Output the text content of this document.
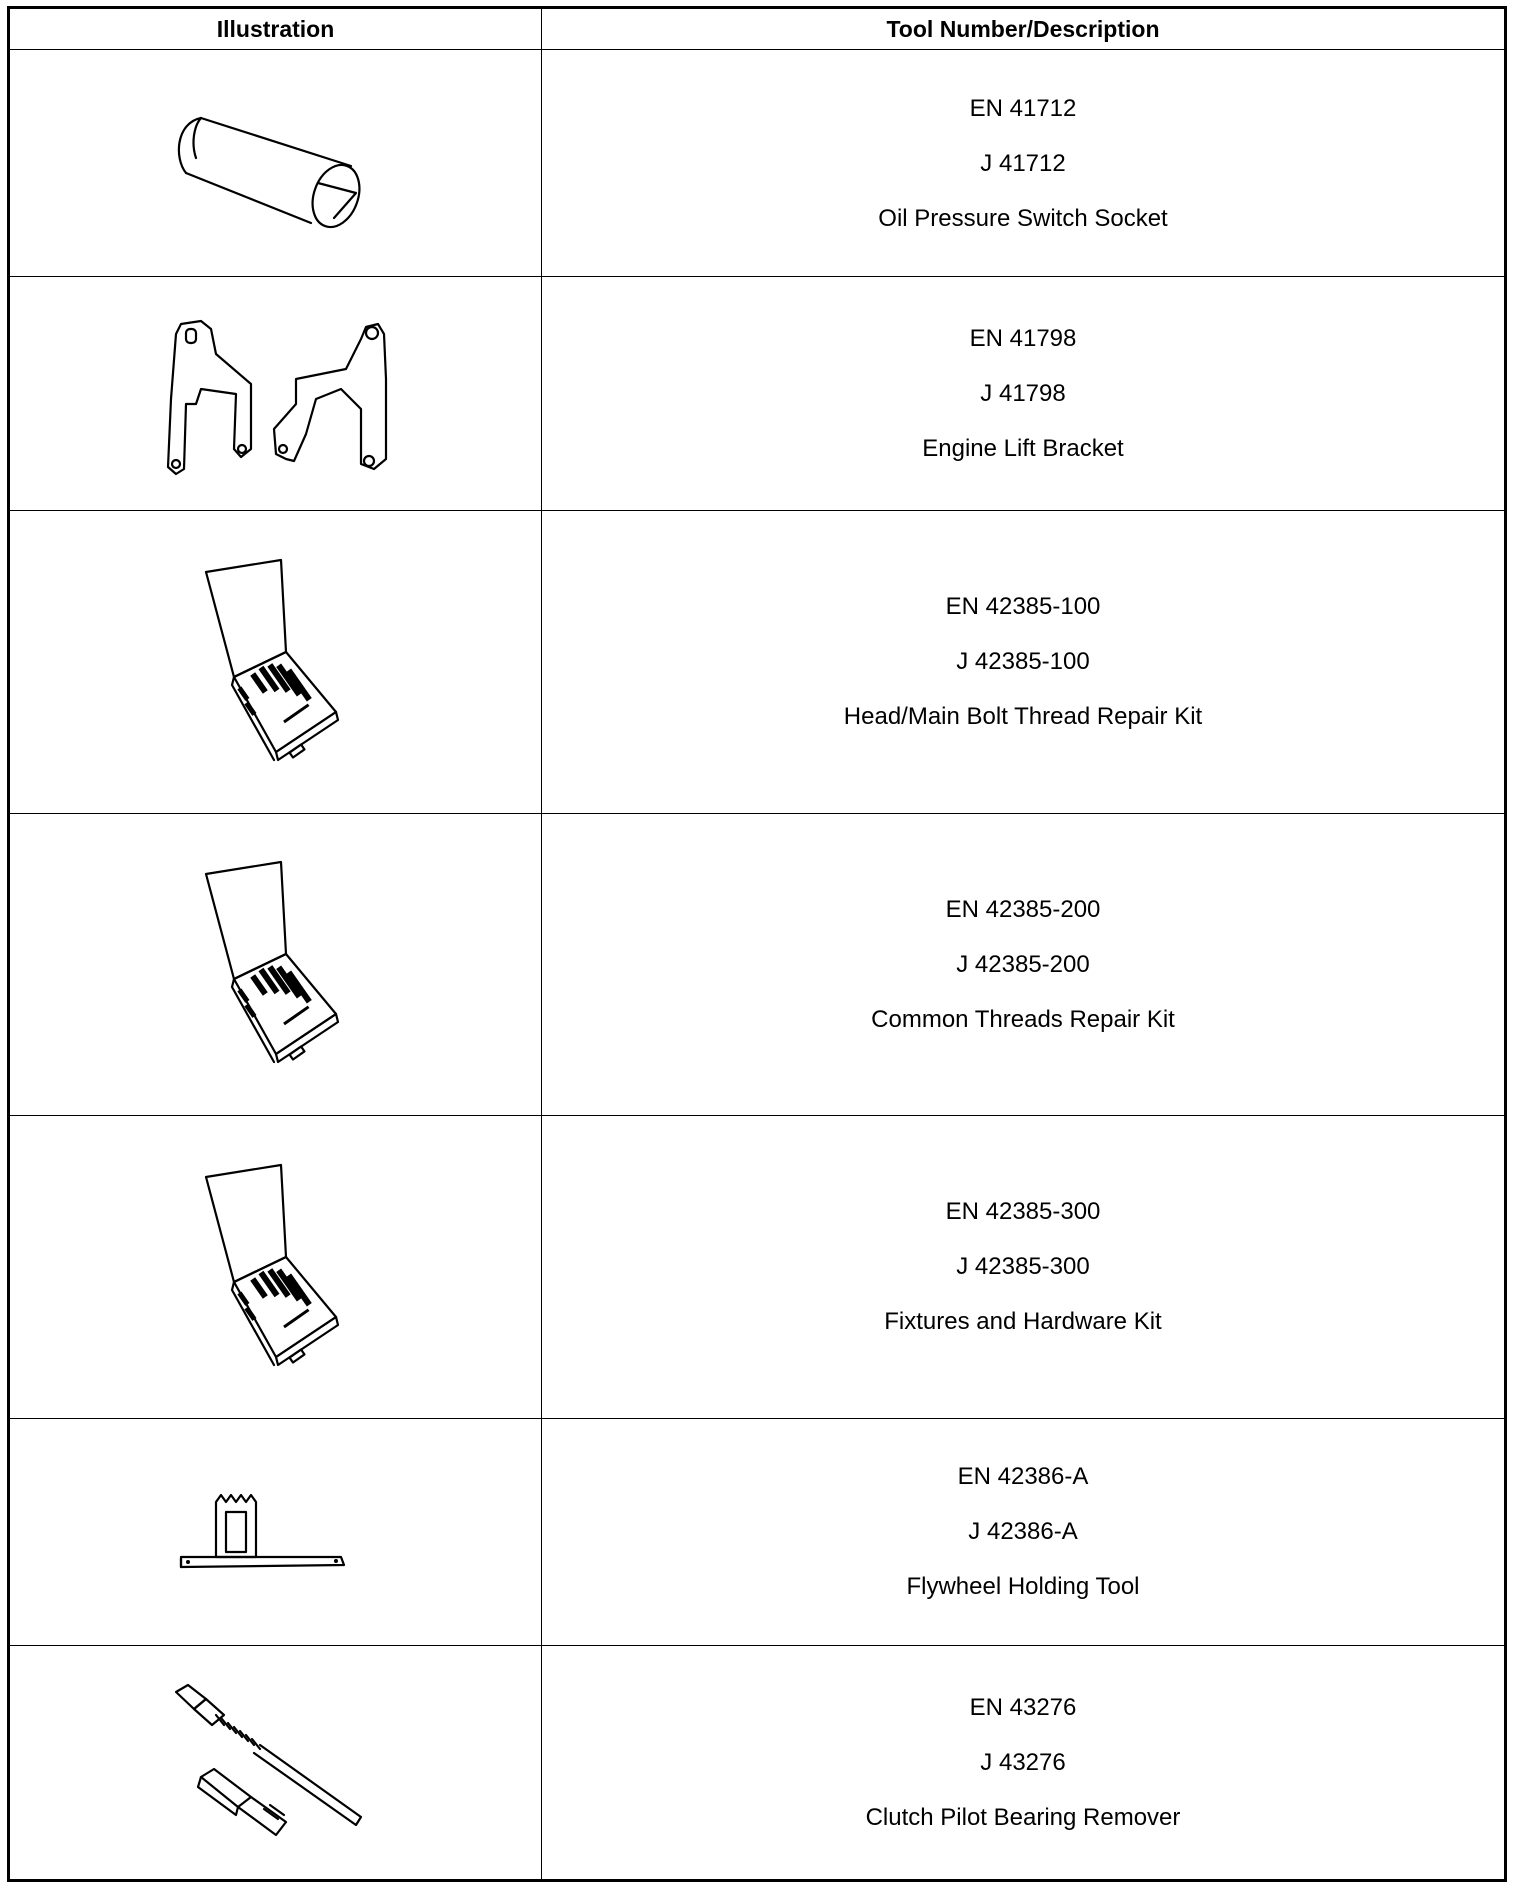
Illustration	Tool Number/Description

EN 41712
J 41712
Oil Pressure Switch Socket

EN 41798
J 41798
Engine Lift Bracket

EN 42385-100
J 42385-100
Head/Main Bolt Thread Repair Kit

EN 42385-200
J 42385-200
Common Threads Repair Kit

EN 42385-300
J 42385-300
Fixtures and Hardware Kit

EN 42386-A
J 42386-A
Flywheel Holding Tool

EN 43276
J 43276
Clutch Pilot Bearing Remover
